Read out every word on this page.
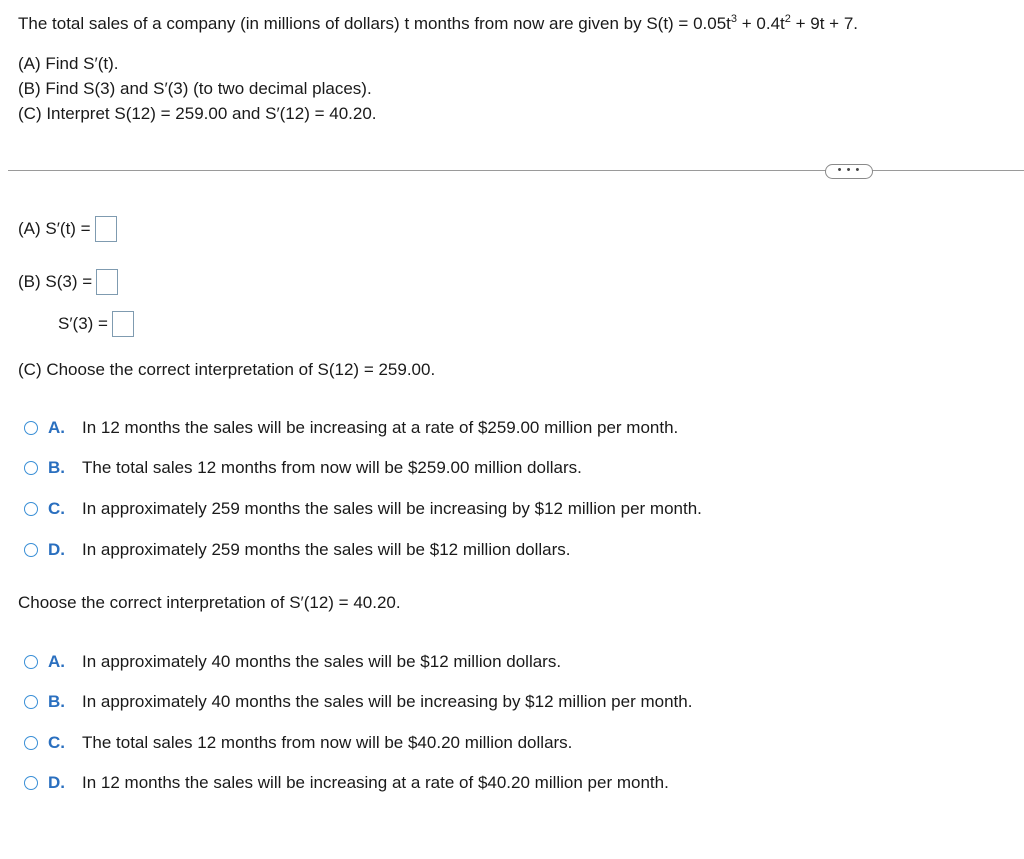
The total sales of a company (in millions of dollars) t months from now are given by $S(t) = 0.05t^3 + 0.4t^2 + 9t + 7$.
(A) Find S′(t).
(B) Find S(3) and S′(3) (to two decimal places).
(C) Interpret S(12) = 259.00 and S′(12) = 40.20.
• • •
(A) S′(t) =
(B) S(3) =
S′(3) =
(C) Choose the correct interpretation of S(12) = 259.00.
A.	In 12 months the sales will be increasing at a rate of $259.00 million per month.
B.	The total sales 12 months from now will be $259.00 million dollars.
C.	In approximately 259 months the sales will be increasing by $12 million per month.
D.	In approximately 259 months the sales will be $12 million dollars.
Choose the correct interpretation of S′(12) = 40.20.
A.	In approximately 40 months the sales will be $12 million dollars.
B.	In approximately 40 months the sales will be increasing by $12 million per month.
C.	The total sales 12 months from now will be $40.20 million dollars.
D.	In 12 months the sales will be increasing at a rate of $40.20 million per month.
